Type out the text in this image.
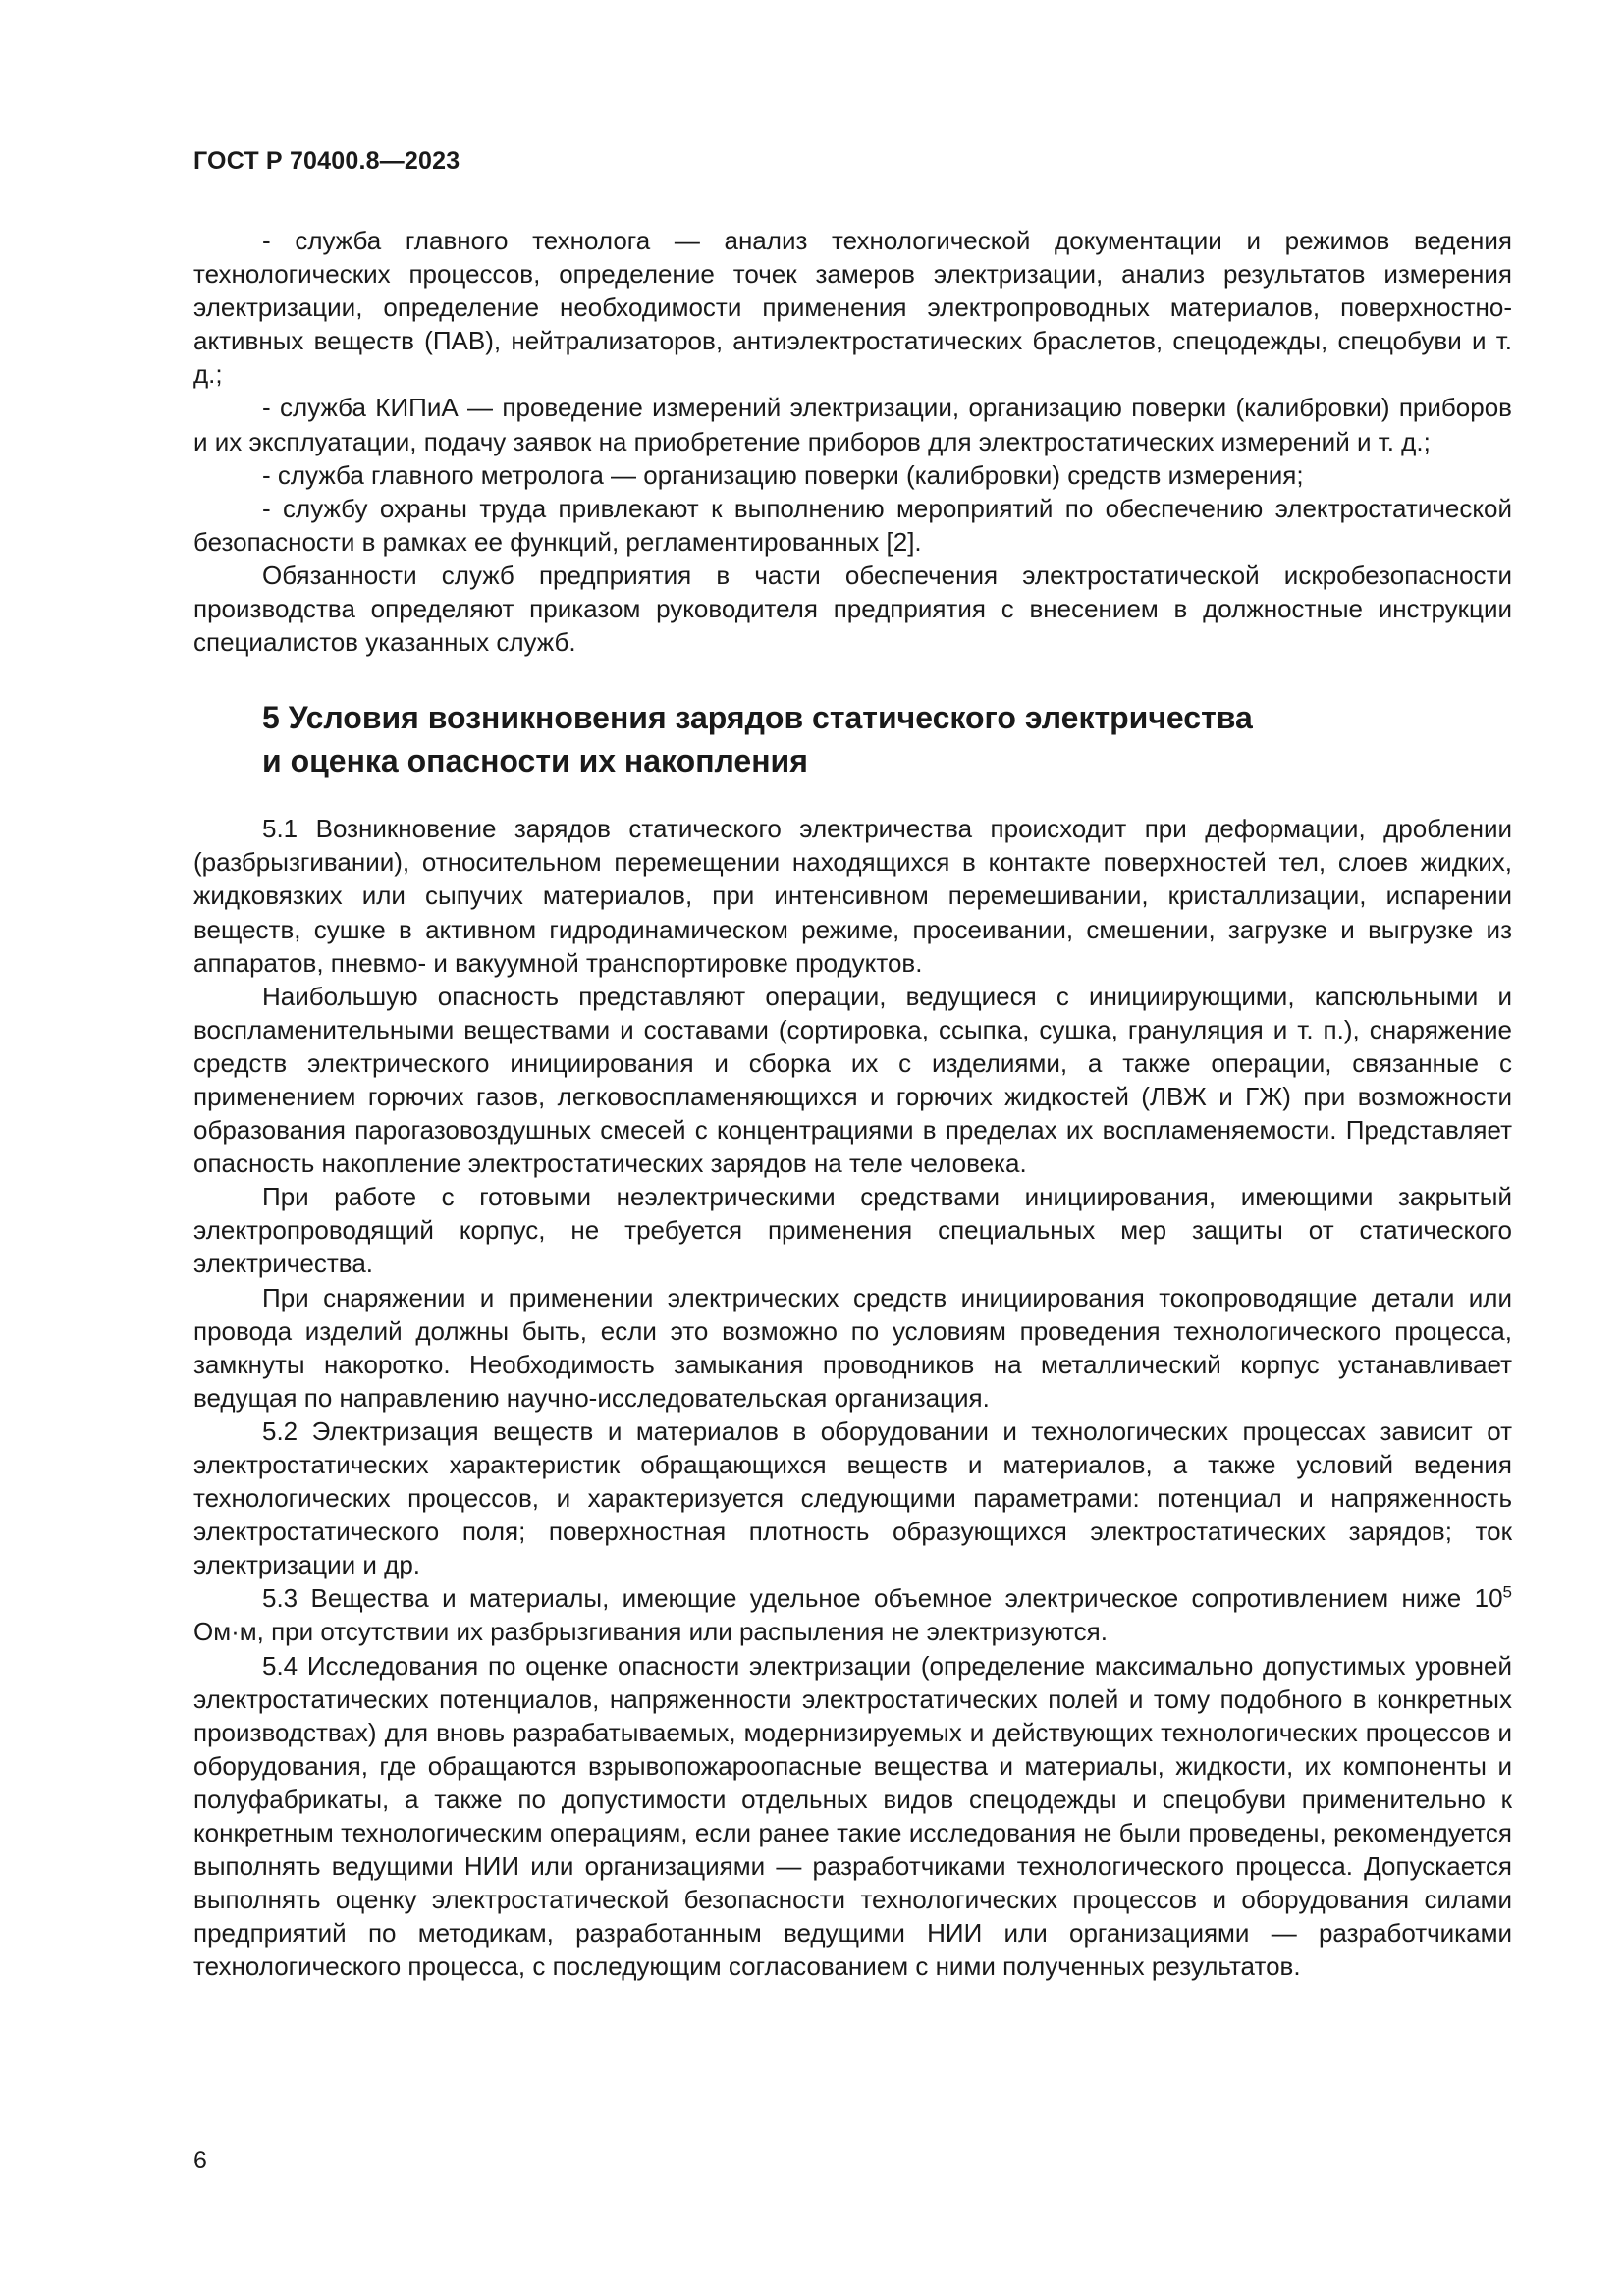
ГОСТ Р 70400.8—2023

- служба главного технолога — анализ технологической документации и режимов ведения технологических процессов, определение точек замеров электризации, анализ результатов измерения электризации, определение необходимости применения электропроводных материалов, поверхностно-активных веществ (ПАВ), нейтрализаторов, антиэлектростатических браслетов, спецодежды, спецобуви и т. д.;

- служба КИПиА — проведение измерений электризации, организацию поверки (калибровки) приборов и их эксплуатации, подачу заявок на приобретение приборов для электростатических измерений и т. д.;

- служба главного метролога — организацию поверки (калибровки) средств измерения;

- службу охраны труда привлекают к выполнению мероприятий по обеспечению электростатической безопасности в рамках ее функций, регламентированных [2].

Обязанности служб предприятия в части обеспечения электростатической искробезопасности производства определяют приказом руководителя предприятия с внесением в должностные инструкции специалистов указанных служб.

5 Условия возникновения зарядов статического электричества
и оценка опасности их накопления

5.1 Возникновение зарядов статического электричества происходит при деформации, дроблении (разбрызгивании), относительном перемещении находящихся в контакте поверхностей тел, слоев жидких, жидковязких или сыпучих материалов, при интенсивном перемешивании, кристаллизации, испарении веществ, сушке в активном гидродинамическом режиме, просеивании, смешении, загрузке и выгрузке из аппаратов, пневмо- и вакуумной транспортировке продуктов.

Наибольшую опасность представляют операции, ведущиеся с инициирующими, капсюльными и воспламенительными веществами и составами (сортировка, ссыпка, сушка, грануляция и т. п.), снаряжение средств электрического инициирования и сборка их с изделиями, а также операции, связанные с применением горючих газов, легковоспламеняющихся и горючих жидкостей (ЛВЖ и ГЖ) при возможности образования парогазовоздушных смесей с концентрациями в пределах их воспламеняемости. Представляет опасность накопление электростатических зарядов на теле человека.

При работе с готовыми неэлектрическими средствами инициирования, имеющими закрытый электропроводящий корпус, не требуется применения специальных мер защиты от статического электричества.

При снаряжении и применении электрических средств инициирования токопроводящие детали или провода изделий должны быть, если это возможно по условиям проведения технологического процесса, замкнуты накоротко. Необходимость замыкания проводников на металлический корпус устанавливает ведущая по направлению научно-исследовательская организация.

5.2 Электризация веществ и материалов в оборудовании и технологических процессах зависит от электростатических характеристик обращающихся веществ и материалов, а также условий ведения технологических процессов, и характеризуется следующими параметрами: потенциал и напряженность электростатического поля; поверхностная плотность образующихся электростатических зарядов; ток электризации и др.

5.3 Вещества и материалы, имеющие удельное объемное электрическое сопротивлением ниже $10^5$ Ом·м, при отсутствии их разбрызгивания или распыления не электризуются.

5.4 Исследования по оценке опасности электризации (определение максимально допустимых уровней электростатических потенциалов, напряженности электростатических полей и тому подобного в конкретных производствах) для вновь разрабатываемых, модернизируемых и действующих технологических процессов и оборудования, где обращаются взрывопожароопасные вещества и материалы, жидкости, их компоненты и полуфабрикаты, а также по допустимости отдельных видов спецодежды и спецобуви применительно к конкретным технологическим операциям, если ранее такие исследования не были проведены, рекомендуется выполнять ведущими НИИ или организациями — разработчиками технологического процесса. Допускается выполнять оценку электростатической безопасности технологических процессов и оборудования силами предприятий по методикам, разработанным ведущими НИИ или организациями — разработчиками технологического процесса, с последующим согласованием с ними полученных результатов.

6
